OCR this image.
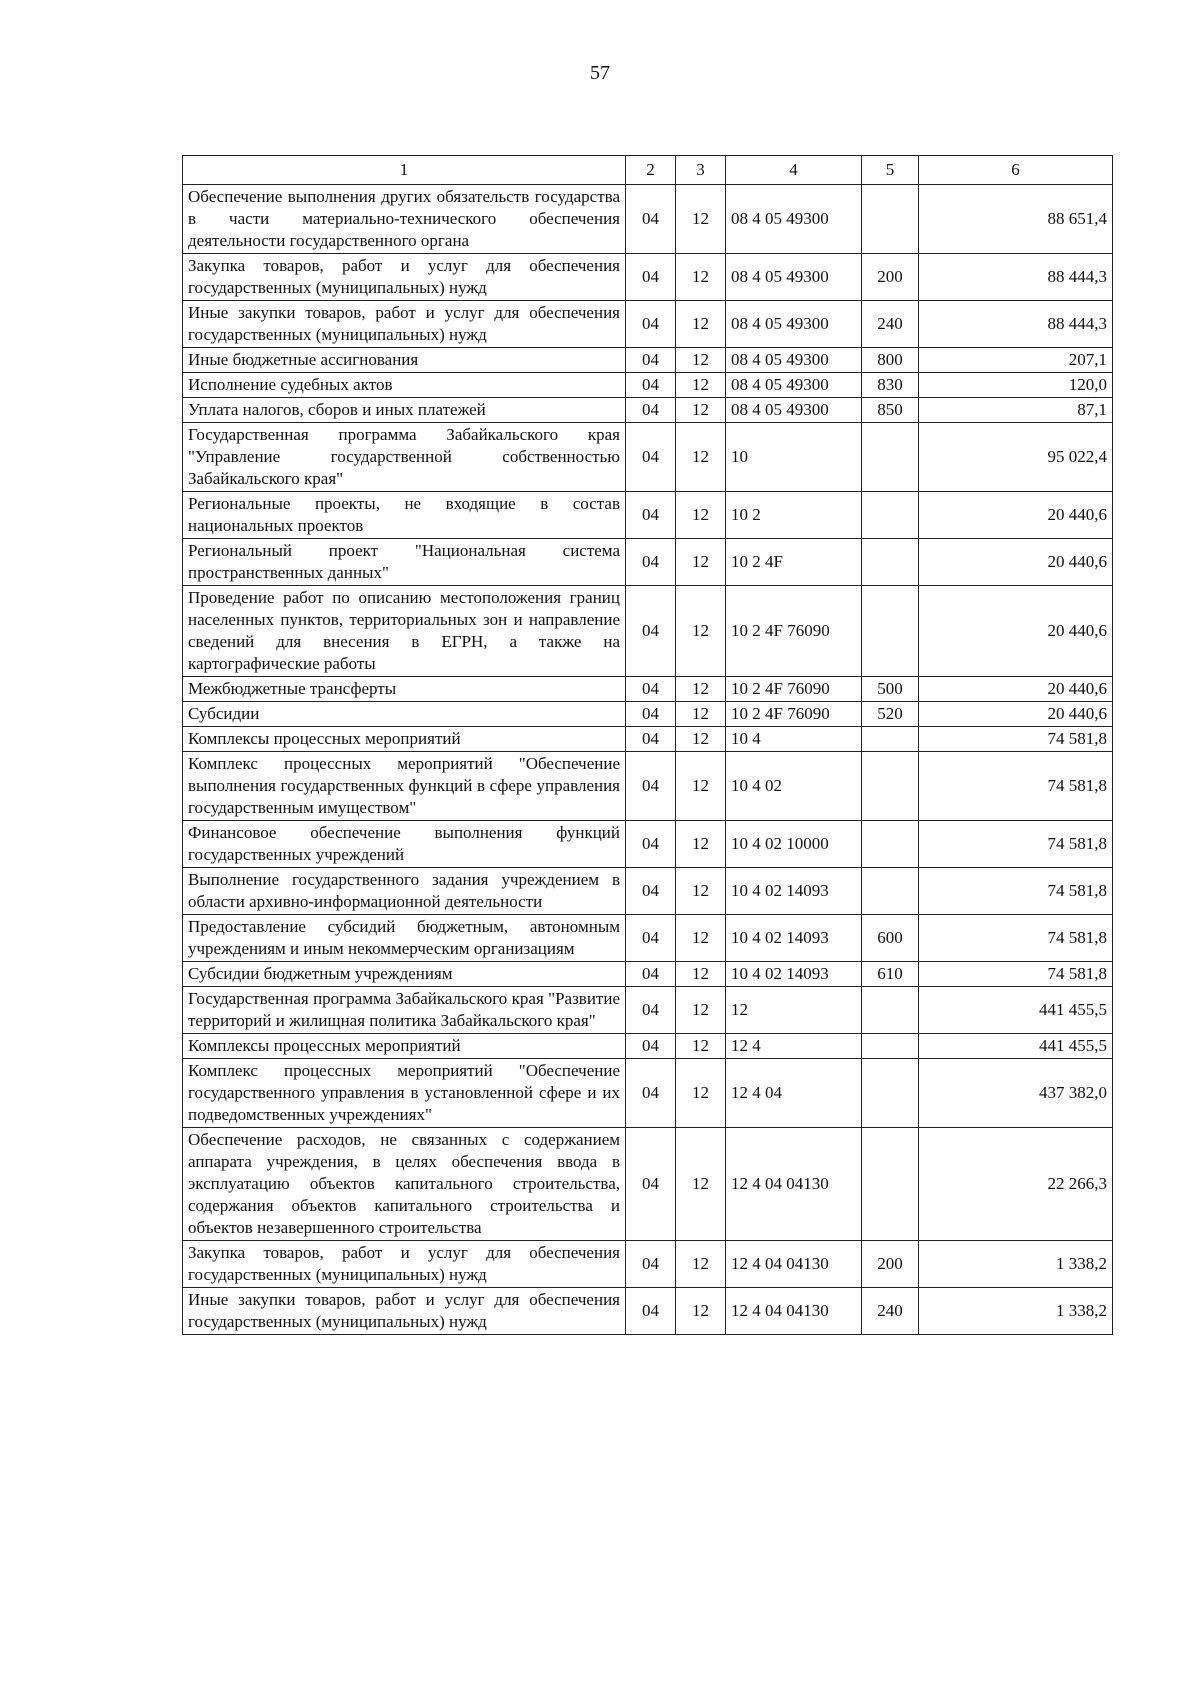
57
1	2	3	4	5	6
Обеспечение выполнения других обязательств государства в части материально-технического обеспечения деятельности государственного органа	04	12	08 4 05 49300		88 651,4
Закупка товаров, работ и услуг для обеспечения государственных (муниципальных) нужд	04	12	08 4 05 49300	200	88 444,3
Иные закупки товаров, работ и услуг для обеспечения государственных (муниципальных) нужд	04	12	08 4 05 49300	240	88 444,3
Иные бюджетные ассигнования	04	12	08 4 05 49300	800	207,1
Исполнение судебных актов	04	12	08 4 05 49300	830	120,0
Уплата налогов, сборов и иных платежей	04	12	08 4 05 49300	850	87,1
Государственная программа Забайкальского края "Управление государственной собственностью Забайкальского края"	04	12	10		95 022,4
Региональные проекты, не входящие в состав национальных проектов	04	12	10 2		20 440,6
Региональный проект "Национальная система пространственных данных"	04	12	10 2 4F		20 440,6
Проведение работ по описанию местоположения границ населенных пунктов, территориальных зон и направление сведений для внесения в ЕГРН, а также на картографические работы	04	12	10 2 4F 76090		20 440,6
Межбюджетные трансферты	04	12	10 2 4F 76090	500	20 440,6
Субсидии	04	12	10 2 4F 76090	520	20 440,6
Комплексы процессных мероприятий	04	12	10 4		74 581,8
Комплекс процессных мероприятий "Обеспечение выполнения государственных функций в сфере управления государственным имуществом"	04	12	10 4 02		74 581,8
Финансовое обеспечение выполнения функций государственных учреждений	04	12	10 4 02 10000		74 581,8
Выполнение государственного задания учреждением в области архивно-информационной деятельности	04	12	10 4 02 14093		74 581,8
Предоставление субсидий бюджетным, автономным учреждениям и иным некоммерческим организациям	04	12	10 4 02 14093	600	74 581,8
Субсидии бюджетным учреждениям	04	12	10 4 02 14093	610	74 581,8
Государственная программа Забайкальского края "Развитие территорий и жилищная политика Забайкальского края"	04	12	12		441 455,5
Комплексы процессных мероприятий	04	12	12 4		441 455,5
Комплекс процессных мероприятий "Обеспечение государственного управления в установленной сфере и их подведомственных учреждениях"	04	12	12 4 04		437 382,0
Обеспечение расходов, не связанных с содержанием аппарата учреждения, в целях обеспечения ввода в эксплуатацию объектов капитального строительства, содержания объектов капитального строительства и объектов незавершенного строительства	04	12	12 4 04 04130		22 266,3
Закупка товаров, работ и услуг для обеспечения государственных (муниципальных) нужд	04	12	12 4 04 04130	200	1 338,2
Иные закупки товаров, работ и услуг для обеспечения государственных (муниципальных) нужд	04	12	12 4 04 04130	240	1 338,2
